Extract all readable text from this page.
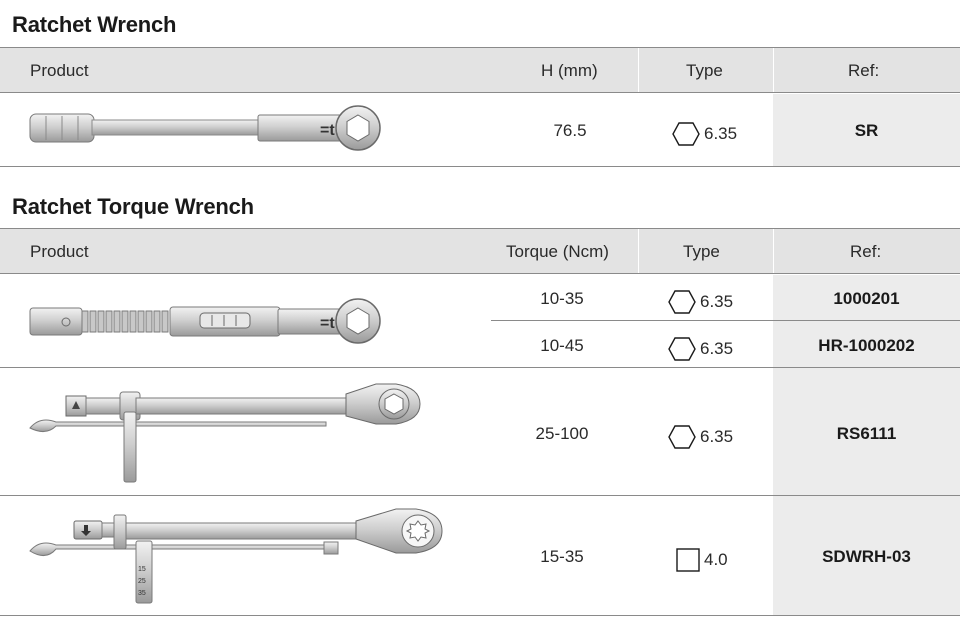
Ratchet Wrench
Product	H (mm)	Type	Ref:
=t	76.5	6.35	SR
Ratchet Torque Wrench
Product	Torque (Ncm)	Type	Ref:
=t
10-35	6.35	1000201
10-45	6.35	HR-1000202
25-100	6.35	RS6111
15
25
35
15-35	4.0	SDWRH-03
